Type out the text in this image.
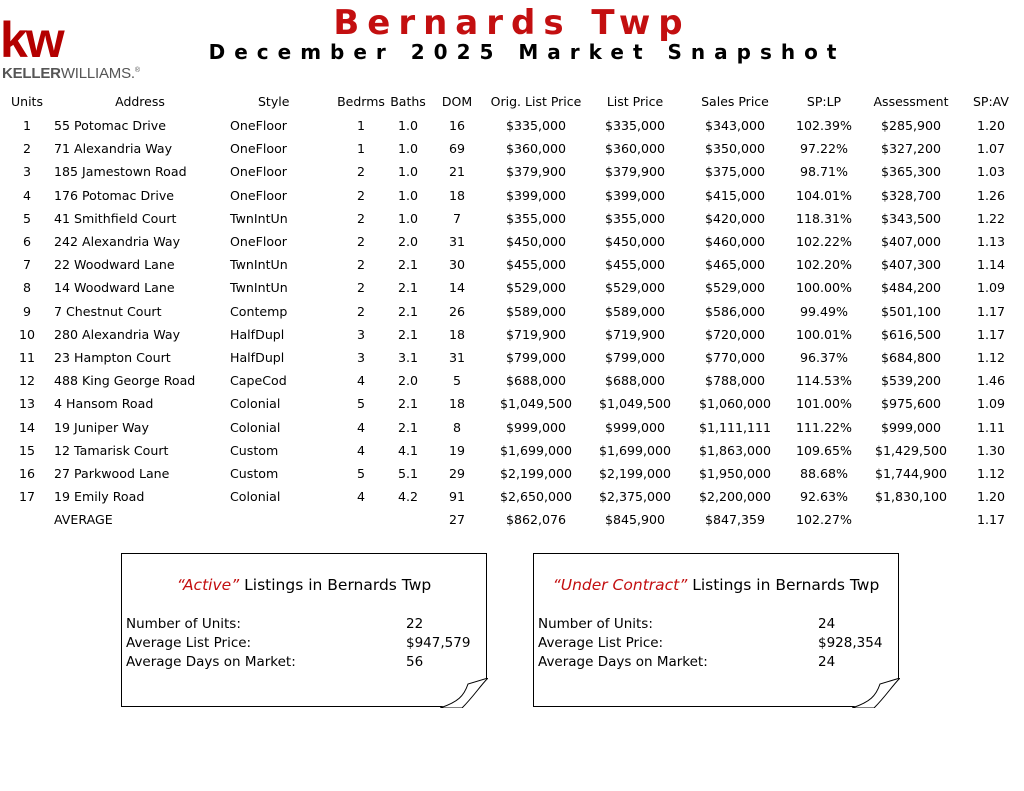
kw
KELLERWILLIAMS.®
Bernards Twp
December 2025 Market Snapshot
Units	Address	Style	Bedrms	Baths	DOM	Orig. List Price	List Price	Sales Price	SP:LP	Assessment	SP:AV
1	55 Potomac Drive	OneFloor	1	1.0	16	$335,000	$335,000	$343,000	102.39%	$285,900	1.20
2	71 Alexandria Way	OneFloor	1	1.0	69	$360,000	$360,000	$350,000	97.22%	$327,200	1.07
3	185 Jamestown Road	OneFloor	2	1.0	21	$379,900	$379,900	$375,000	98.71%	$365,300	1.03
4	176 Potomac Drive	OneFloor	2	1.0	18	$399,000	$399,000	$415,000	104.01%	$328,700	1.26
5	41 Smithfield Court	TwnIntUn	2	1.0	7	$355,000	$355,000	$420,000	118.31%	$343,500	1.22
6	242 Alexandria Way	OneFloor	2	2.0	31	$450,000	$450,000	$460,000	102.22%	$407,000	1.13
7	22 Woodward Lane	TwnIntUn	2	2.1	30	$455,000	$455,000	$465,000	102.20%	$407,300	1.14
8	14 Woodward Lane	TwnIntUn	2	2.1	14	$529,000	$529,000	$529,000	100.00%	$484,200	1.09
9	7 Chestnut Court	Contemp	2	2.1	26	$589,000	$589,000	$586,000	99.49%	$501,100	1.17
10	280 Alexandria Way	HalfDupl	3	2.1	18	$719,900	$719,900	$720,000	100.01%	$616,500	1.17
11	23 Hampton Court	HalfDupl	3	3.1	31	$799,000	$799,000	$770,000	96.37%	$684,800	1.12
12	488 King George Road	CapeCod	4	2.0	5	$688,000	$688,000	$788,000	114.53%	$539,200	1.46
13	4 Hansom Road	Colonial	5	2.1	18	$1,049,500	$1,049,500	$1,060,000	101.00%	$975,600	1.09
14	19 Juniper Way	Colonial	4	2.1	8	$999,000	$999,000	$1,111,111	111.22%	$999,000	1.11
15	12 Tamarisk Court	Custom	4	4.1	19	$1,699,000	$1,699,000	$1,863,000	109.65%	$1,429,500	1.30
16	27 Parkwood Lane	Custom	5	5.1	29	$2,199,000	$2,199,000	$1,950,000	88.68%	$1,744,900	1.12
17	19 Emily Road	Colonial	4	4.2	91	$2,650,000	$2,375,000	$2,200,000	92.63%	$1,830,100	1.20
	AVERAGE				27	$862,076	$845,900	$847,359	102.27%		1.17
“Active” Listings in Bernards Twp
Number of Units:	22
Average List Price:	$947,579
Average Days on Market:	56
“Under Contract” Listings in Bernards Twp
Number of Units:	24
Average List Price:	$928,354
Average Days on Market:	24
